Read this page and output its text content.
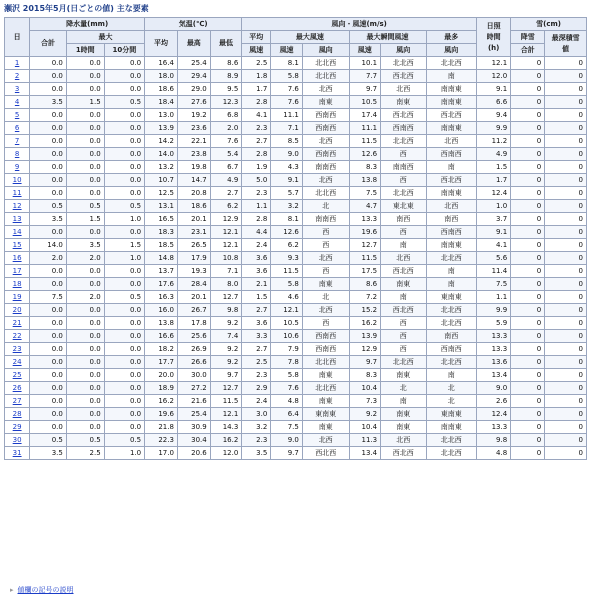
瀬沢 2015年5月(日ごとの値) 主な要素
日	降水量(mm)			気温(℃)			風向・風速(m/s)						日照
時間
(h)	雪(cm)	
	合計	最大		平均	最高	最低	平均	最大風速		最大瞬間風速		最多		降雪	最深積雪
値
		1時間	10分間				風速	風速	風向	風速	風向	風向		合計	
1	0.0	0.0	0.0	16.4	25.4	8.6	2.5	8.1	北北西	10.1	北北西	北北西	12.1	0	0
2	0.0	0.0	0.0	18.0	29.4	8.9	1.8	5.8	北北西	7.7	西北西	南	12.0	0	0
3	0.0	0.0	0.0	18.6	29.0	9.5	1.7	7.6	北西	9.7	北西	南南東	9.1	0	0
4	3.5	1.5	0.5	18.4	27.6	12.3	2.8	7.6	南東	10.5	南東	南南東	6.6	0	0
5	0.0	0.0	0.0	13.0	19.2	6.8	4.1	11.1	西南西	17.4	西北西	西北西	9.4	0	0
6	0.0	0.0	0.0	13.9	23.6	2.0	2.3	7.1	西南西	11.1	西南西	南南東	9.9	0	0
7	0.0	0.0	0.0	14.2	22.1	7.6	2.7	8.5	北西	11.5	北北西	北西	11.2	0	0
8	0.0	0.0	0.0	14.0	23.8	5.4	2.8	9.0	西南西	12.6	西	西南西	4.9	0	0
9	0.0	0.0	0.0	13.2	19.8	6.7	1.9	4.3	南南西	8.3	南南西	南	1.5	0	0
10	0.0	0.0	0.0	10.7	14.7	4.9	5.0	9.1	北西	13.8	西	西北西	1.7	0	0
11	0.0	0.0	0.0	12.5	20.8	2.7	2.3	5.7	北北西	7.5	北北西	南南東	12.4	0	0
12	0.5	0.5	0.5	13.1	18.6	6.2	1.1	3.2	北	4.7	東北東	北西	1.0	0	0
13	3.5	1.5	1.0	16.5	20.1	12.9	2.8	8.1	南南西	13.3	南西	南西	3.7	0	0
14	0.0	0.0	0.0	18.3	23.1	12.1	4.4	12.6	西	19.6	西	西南西	9.1	0	0
15	14.0	3.5	1.5	18.5	26.5	12.1	2.4	6.2	西	12.7	南	南南東	4.1	0	0
16	2.0	2.0	1.0	14.8	17.9	10.8	3.6	9.3	北西	11.5	北西	北北西	5.6	0	0
17	0.0	0.0	0.0	13.7	19.3	7.1	3.6	11.5	西	17.5	西北西	南	11.4	0	0
18	0.0	0.0	0.0	17.6	28.4	8.0	2.1	5.8	南東	8.6	南東	南	7.5	0	0
19	7.5	2.0	0.5	16.3	20.1	12.7	1.5	4.6	北	7.2	南	東南東	1.1	0	0
20	0.0	0.0	0.0	16.0	26.7	9.8	2.7	12.1	北西	15.2	西北西	北北西	9.9	0	0
21	0.0	0.0	0.0	13.8	17.8	9.2	3.6	10.5	西	16.2	西	北北西	5.9	0	0
22	0.0	0.0	0.0	16.6	25.6	7.4	3.3	10.6	西南西	13.9	西	南西	13.3	0	0
23	0.0	0.0	0.0	18.2	26.9	9.2	2.7	7.9	西南西	12.9	西	西南西	13.3	0	0
24	0.0	0.0	0.0	17.7	26.6	9.2	2.5	7.8	北北西	9.7	北北西	北北西	13.6	0	0
25	0.0	0.0	0.0	20.0	30.0	9.7	2.3	5.8	南東	8.3	南東	南	13.4	0	0
26	0.0	0.0	0.0	18.9	27.2	12.7	2.9	7.6	北北西	10.4	北	北	9.0	0	0
27	0.0	0.0	0.0	16.2	21.6	11.5	2.4	4.8	南東	7.3	南	北	2.6	0	0
28	0.0	0.0	0.0	19.6	25.4	12.1	3.0	6.4	東南東	9.2	南東	東南東	12.4	0	0
29	0.0	0.0	0.0	21.8	30.9	14.3	3.2	7.5	南東	10.4	南東	南南東	13.3	0	0
30	0.5	0.5	0.5	22.3	30.4	16.2	2.3	9.0	北西	11.3	北西	北北西	9.8	0	0
31	3.5	2.5	1.0	17.0	20.6	12.0	3.5	9.7	西北西	13.4	西北西	北北西	4.8	0	0
▸ 値欄の記号の説明
